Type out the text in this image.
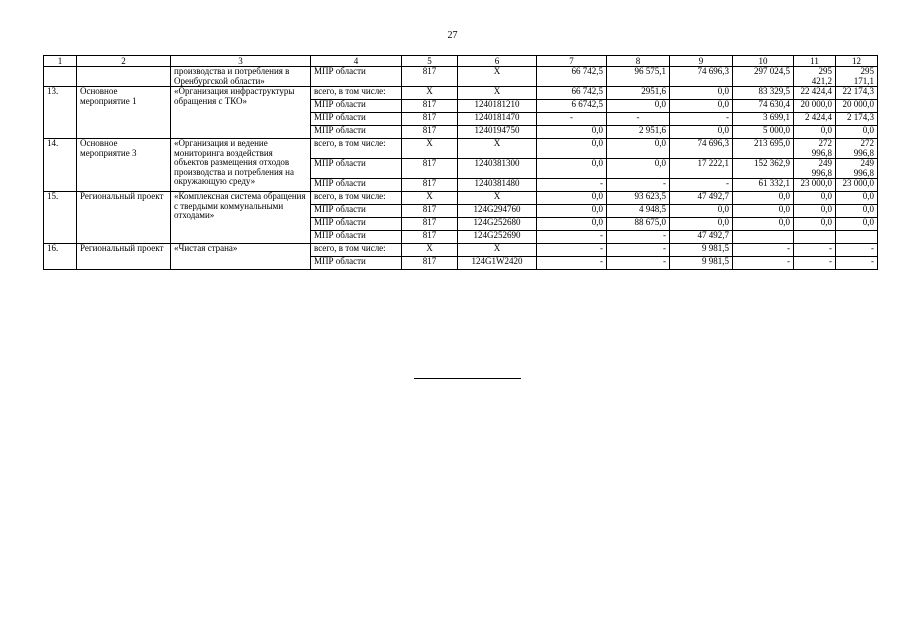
27
1	2	3	4	5	6	7	8	9	10	11	12
		производства и потребления в Оренбургской области»	МПР области	817	Х	66 742,5	96 575,1	74 696,3	297 024,5	295 421,2	295 171,1
13.	Основное мероприятие 1	«Организация инфраструктуры обращения с ТКО»	всего, в том числе:	Х	Х	66 742,5	2951,6	0,0	83 329,5	22 424,4	22 174,3
			МПР области	817	1240181210	6 6742,5	0,0	0,0	74 630,4	20 000,0	20 000,0
			МПР области	817	1240181470	-	-	-	3 699,1	2 424,4	2 174,3
			МПР области	817	1240194750	0,0	2 951,6	0,0	5 000,0	0,0	0,0
14.	Основное мероприятие 3	«Организация и ведение мониторинга воздействия объектов размещения отходов производства и потребления на окружающую среду»	всего, в том числе:	Х	Х	0,0	0,0	74 696,3	213 695,0	272 996,8	272 996,8
			МПР области	817	1240381300	0,0	0,0	17 222,1	152 362,9	249 996,8	249 996,8
			МПР области	817	1240381480	-	-	-	61 332,1	23 000,0	23 000,0
15.	Региональный проект	«Комплексная система обращения с твердыми коммунальными отходами»	всего, в том числе:	Х	Х	0,0	93 623,5	47 492,7	0,0	0,0	0,0
			МПР области	817	124G294760	0,0	4 948,5	0,0	0,0	0,0	0,0
			МПР области	817	124G252680	0,0	88 675,0	0,0	0,0	0,0	0,0
			МПР области	817	124G252690	-	-	47 492,7			
16.	Региональный проект	«Чистая страна»	всего, в том числе:	Х	Х	-	-	9 981,5	-	-	-
			МПР области	817	124G1W2420	-	-	9 981,5	-	-	-
